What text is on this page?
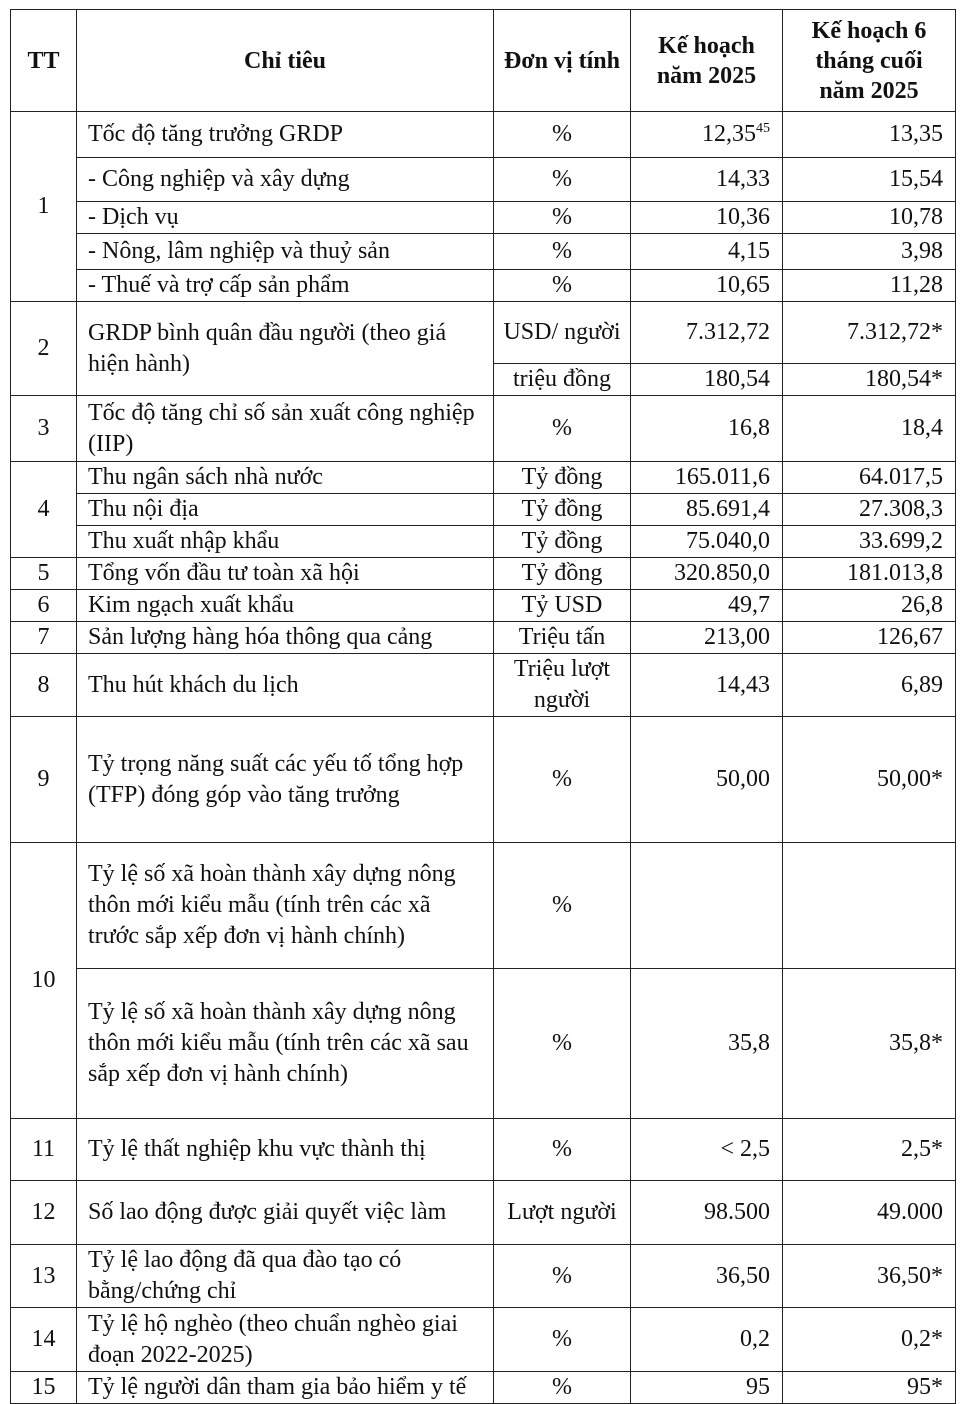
TT	Chỉ tiêu	Đơn vị tính	Kế hoạch năm 2025	Kế hoạch 6 tháng cuối năm 2025
1	Tốc độ tăng trưởng GRDP	%	12,35$^{45}$	13,35
	- Công nghiệp và xây dựng	%	14,33	15,54
	- Dịch vụ	%	10,36	10,78
	- Nông, lâm nghiệp và thuỷ sản	%	4,15	3,98
	- Thuế và trợ cấp sản phẩm	%	10,65	11,28
2	GRDP bình quân đầu người (theo giá hiện hành)	USD/ người	7.312,72	7.312,72*
		triệu đồng	180,54	180,54*
3	Tốc độ tăng chỉ số sản xuất công nghiệp (IIP)	%	16,8	18,4
4	Thu ngân sách nhà nước	Tỷ đồng	165.011,6	64.017,5
	Thu nội địa	Tỷ đồng	85.691,4	27.308,3
	Thu xuất nhập khẩu	Tỷ đồng	75.040,0	33.699,2
5	Tổng vốn đầu tư toàn xã hội	Tỷ đồng	320.850,0	181.013,8
6	Kim ngạch xuất khẩu	Tỷ USD	49,7	26,8
7	Sản lượng hàng hóa thông qua cảng	Triệu tấn	213,00	126,67
8	Thu hút khách du lịch	Triệu lượt người	14,43	6,89
9	Tỷ trọng năng suất các yếu tố tổng hợp (TFP) đóng góp vào tăng trưởng	%	50,00	50,00*
10	Tỷ lệ số xã hoàn thành xây dựng nông thôn mới kiểu mẫu (tính trên các xã trước sắp xếp đơn vị hành chính)	%		
	Tỷ lệ số xã hoàn thành xây dựng nông thôn mới kiểu mẫu (tính trên các xã sau sắp xếp đơn vị hành chính)	%	35,8	35,8*
11	Tỷ lệ thất nghiệp khu vực thành thị	%	< 2,5	2,5*
12	Số lao động được giải quyết việc làm	Lượt người	98.500	49.000
13	Tỷ lệ lao động đã qua đào tạo có bằng/chứng chỉ	%	36,50	36,50*
14	Tỷ lệ hộ nghèo (theo chuẩn nghèo giai đoạn 2022-2025)	%	0,2	0,2*
15	Tỷ lệ người dân tham gia bảo hiểm y tế	%	95	95*
